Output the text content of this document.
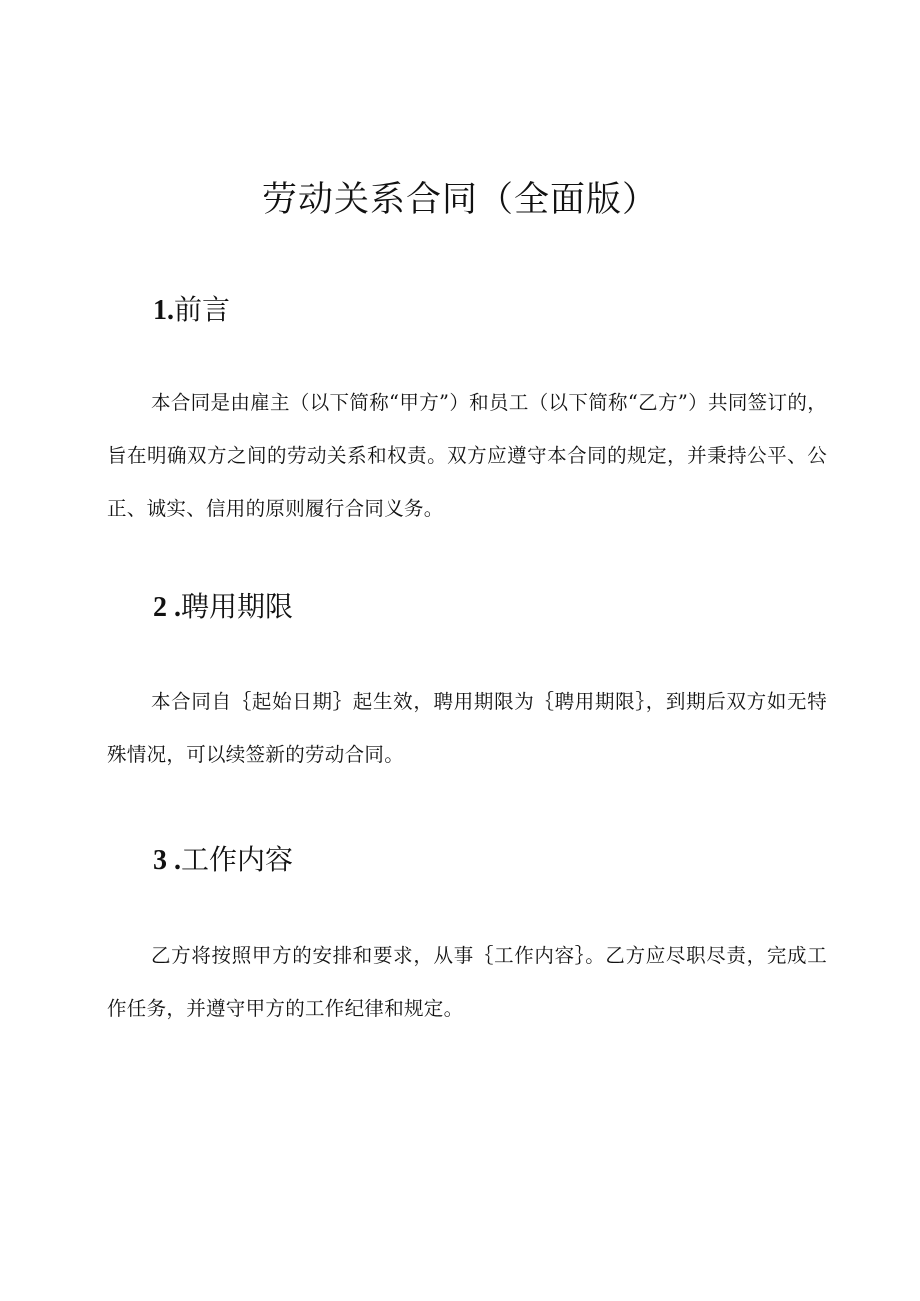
劳动关系合同（全面版）
1.前言

本合同是由雇主（以下简称“甲方”）和员工（以下简称“乙方”）共同签订的，旨在明确双方之间的劳动关系和权责。双方应遵守本合同的规定，并秉持公平、公正、诚实、信用的原则履行合同义务。

2 .聘用期限

本合同自｛起始日期｝起生效，聘用期限为｛聘用期限｝，到期后双方如无特殊情况，可以续签新的劳动合同。

3 .工作内容

乙方将按照甲方的安排和要求，从事｛工作内容｝。乙方应尽职尽责，完成工作任务，并遵守甲方的工作纪律和规定。
